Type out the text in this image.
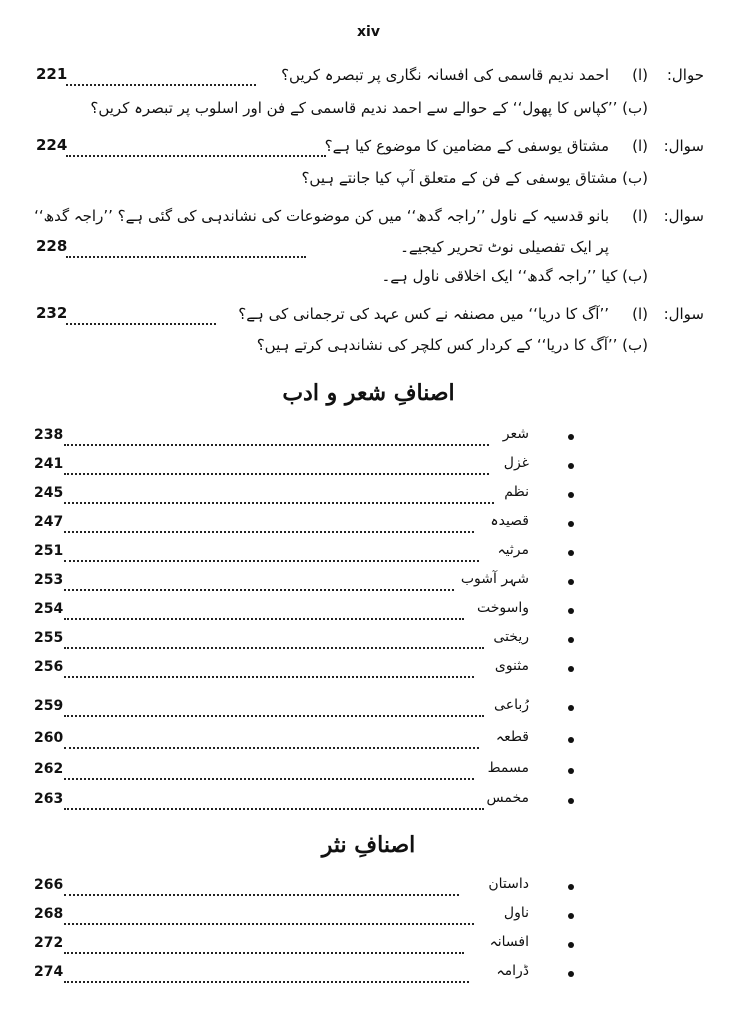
xiv
حوال:
(ا)
احمد ندیم قاسمی کی افسانہ نگاری پر تبصرہ کریں؟
221
(ب) ’’کپاس کا پھول‘‘ کے حوالے سے احمد ندیم قاسمی کے فن اور اسلوب پر تبصرہ کریں؟
سوال:
(ا)
مشتاق یوسفی کے مضامین کا موضوع کیا ہے؟
224
(ب) مشتاق یوسفی کے فن کے متعلق آپ کیا جانتے ہیں؟
سوال:
(ا)
بانو قدسیہ کے ناول ’’راجہ گدھ‘‘ میں کن موضوعات کی نشاندہی کی گئی ہے؟ ’’راجہ گدھ‘‘
پر ایک تفصیلی نوٹ تحریر کیجیے۔
228
(ب) کیا ’’راجہ گدھ‘‘ ایک اخلاقی ناول ہے۔
سوال:
(ا)
’’آگ کا دریا‘‘ میں مصنفہ نے کس عہد کی ترجمانی کی ہے؟
232
(ب) ’’آگ کا دریا‘‘ کے کردار کس کلچر کی نشاندہی کرتے ہیں؟
اصنافِ شعر و ادب
شعر
238
غزل
241
نظم
245
قصیدہ
247
مرثیہ
251
شہر آشوب
253
واسوخت
254
ریختی
255
مثنوی
256
رُباعی
259
قطعہ
260
مسمط
262
مخمس
263
اصنافِ نثر
داستان
266
ناول
268
افسانہ
272
ڈرامہ
274
